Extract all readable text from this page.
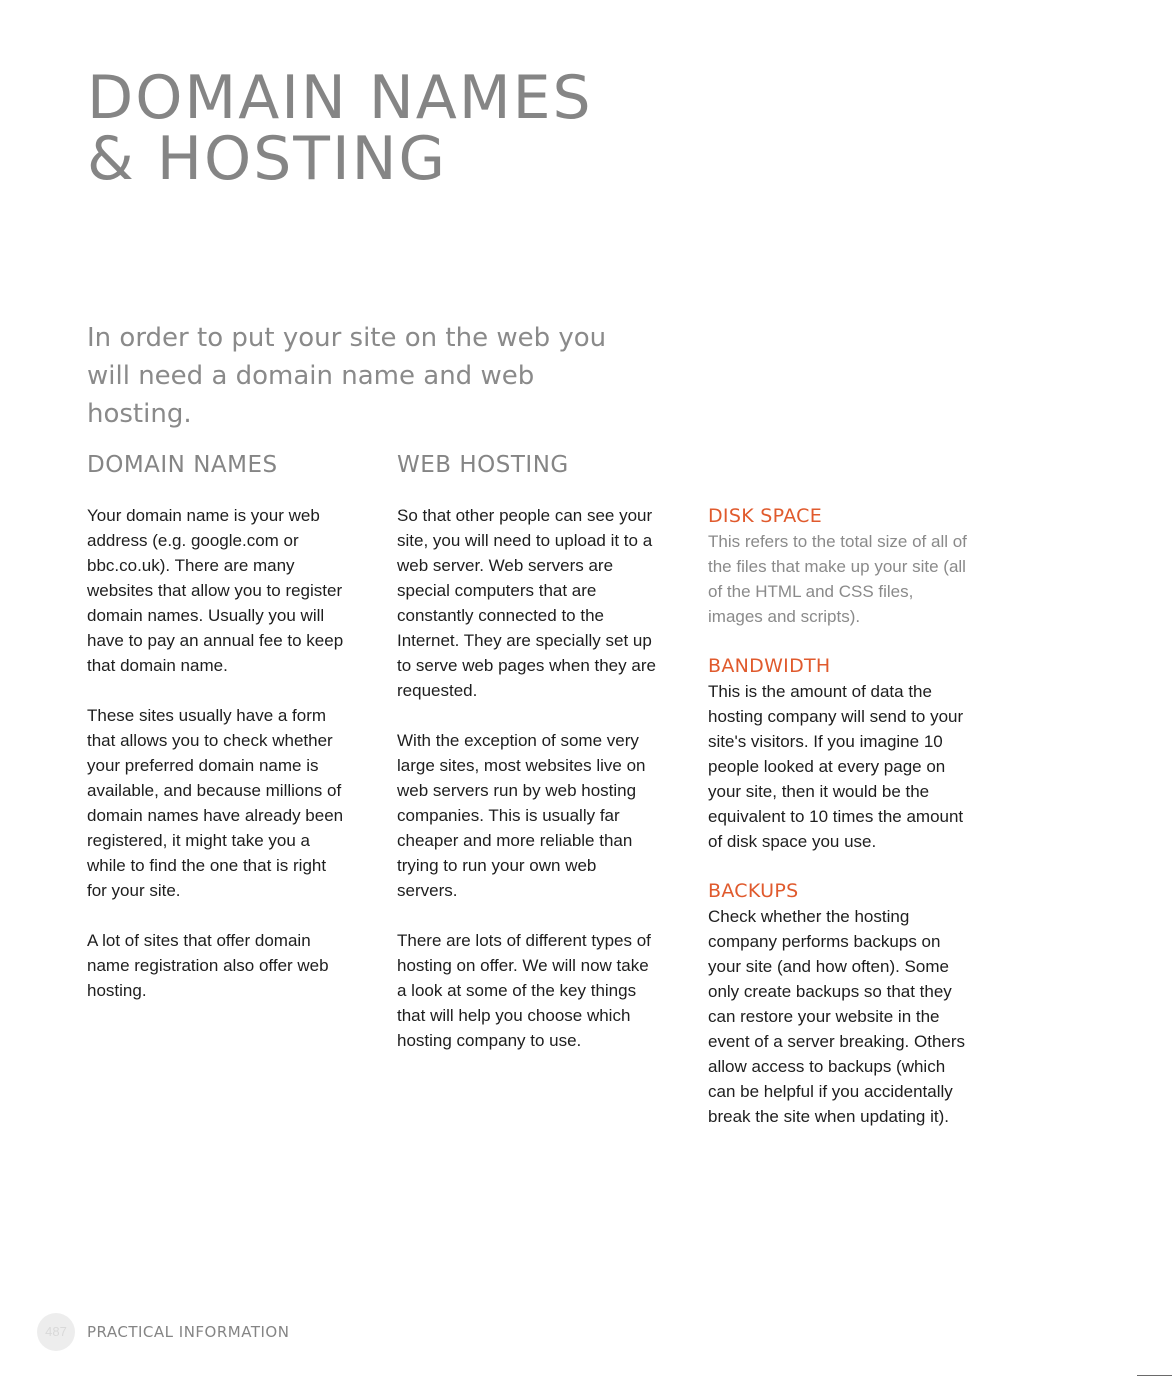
DOMAIN NAMES
& HOSTING

In order to put your site on the web you will need a domain name and web hosting.

DOMAIN NAMES

Your domain name is your web address (e.g. google.com or bbc.co.uk). There are many websites that allow you to register domain names. Usually you will have to pay an annual fee to keep that domain name.

These sites usually have a form that allows you to check whether your preferred domain name is available, and because millions of domain names have already been registered, it might take you a while to find the one that is right for your site.

A lot of sites that offer domain name registration also offer web hosting.

WEB HOSTING

So that other people can see your site, you will need to upload it to a web server. Web servers are special computers that are constantly connected to the Internet. They are specially set up to serve web pages when they are requested.

With the exception of some very large sites, most websites live on web servers run by web hosting companies. This is usually far cheaper and more reliable than trying to run your own web servers.

There are lots of different types of hosting on offer. We will now take a look at some of the key things that will help you choose which hosting company to use.

DISK SPACE

This refers to the total size of all of the files that make up your site (all of the HTML and CSS files, images and scripts).

BANDWIDTH

This is the amount of data the hosting company will send to your site's visitors. If you imagine 10 people looked at every page on your site, then it would be the equivalent to 10 times the amount of disk space you use.

BACKUPS

Check whether the hosting company performs backups on your site (and how often). Some only create backups so that they can restore your website in the event of a server breaking. Others allow access to backups (which can be helpful if you accidentally break the site when updating it).

487	PRACTICAL INFORMATION
